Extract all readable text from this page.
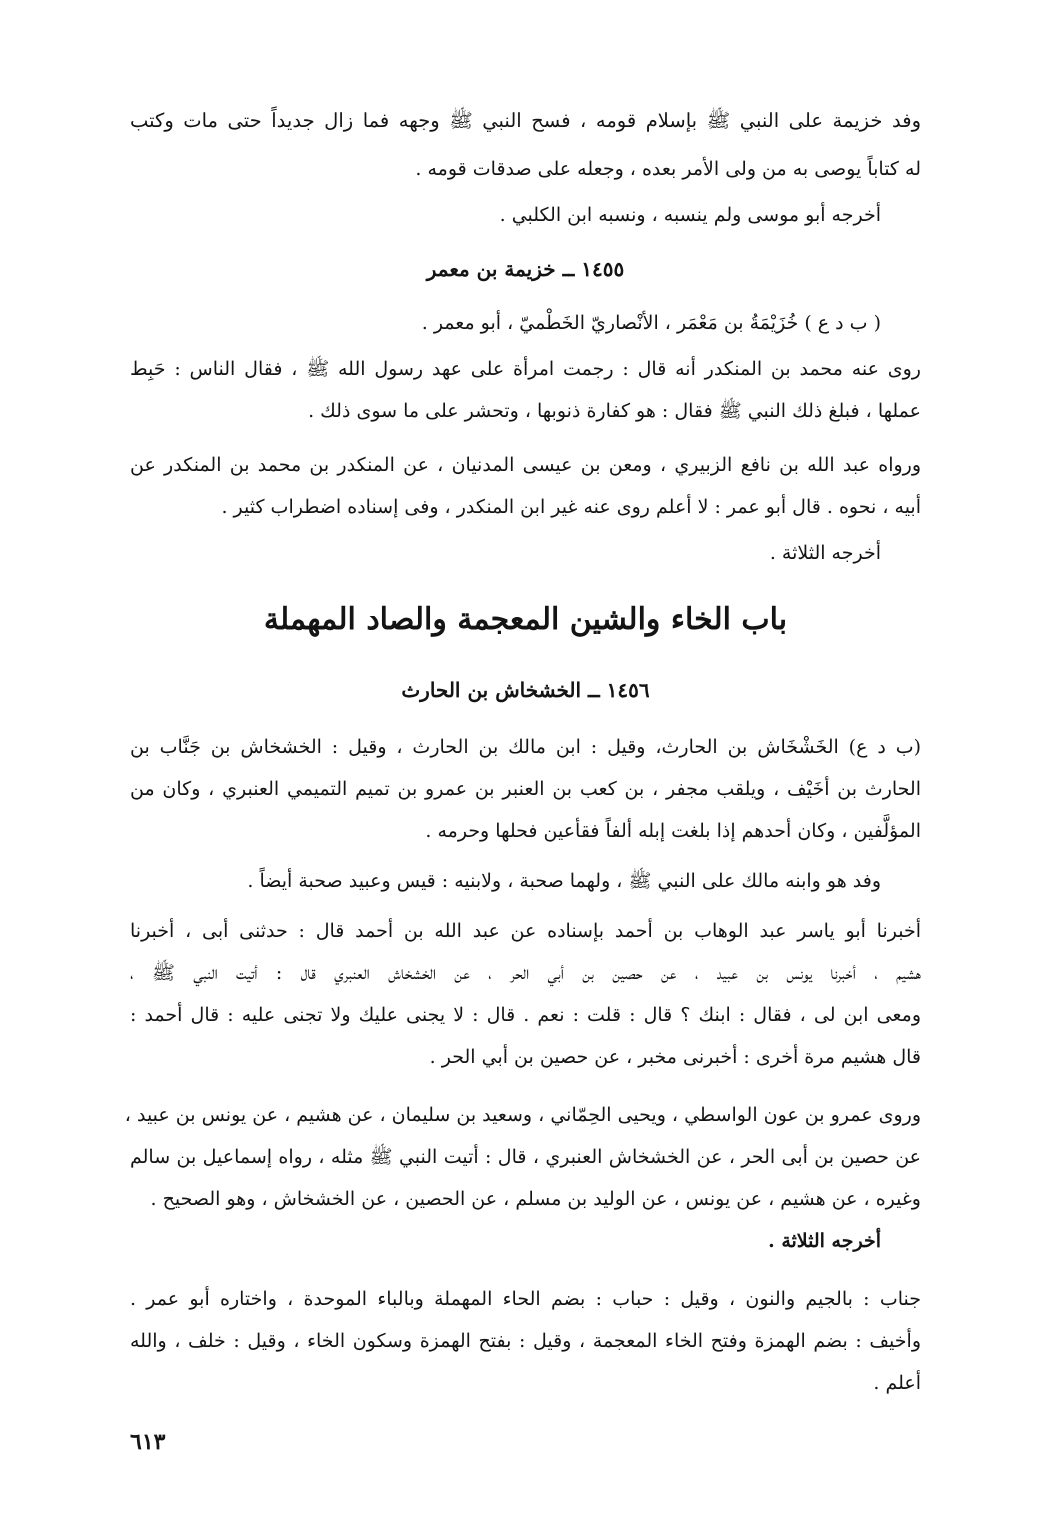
وفد خزيمة على النبي ﷺ بإسلام قومه ، فسح النبي ﷺ وجهه فما زال جديداً حتى مات وكتب
له كتاباً يوصى به من ولى الأمر بعده ، وجعله على صدقات قومه .
أخرجه أبو موسى ولم ينسبه ، ونسبه ابن الكلبي .
١٤٥٥ ــ خزيمة بن معمر
( ب د ع ) خُزَيْمَةُ بن مَعْمَر ، الأنْصاريّ الخَطْميّ ، أبو معمر .
روى عنه محمد بن المنكدر أنه قال : رجمت امرأة على عهد رسول الله ﷺ ، فقال الناس : حَبِط
عملها ، فبلغ ذلك النبي ﷺ فقال : هو كفارة ذنوبها ، وتحشر على ما سوى ذلك .
ورواه عبد الله بن نافع الزبيري ، ومعن بن عيسى المدنيان ، عن المنكدر بن محمد بن المنكدر عن
أبيه ، نحوه . قال أبو عمر : لا أعلم روى عنه غير ابن المنكدر ، وفى إسناده اضطراب كثير .
أخرجه الثلاثة .
باب الخاء والشين المعجمة والصاد المهملة
١٤٥٦ ــ الخشخاش بن الحارث
(ب د ع) الخَشْخَاش بن الحارث، وقيل : ابن مالك بن الحارث ، وقيل : الخشخاش بن جَنَّاب بن
الحارث بن أخَيْف ، ويلقب مجفر ، بن كعب بن العنبر بن عمرو بن تميم التميمي العنبري ، وكان من
المؤلَّفين ، وكان أحدهم إذا بلغت إبله ألفاً فقأعين فحلها وحرمه .
وفد هو وابنه مالك على النبي ﷺ ، ولهما صحبة ، ولابنيه : قيس وعبيد صحبة أيضاً .
أخبرنا أبو ياسر عبد الوهاب بن أحمد بإسناده عن عبد الله بن أحمد قال : حدثنى أبى ، أخبرنا
هشيم ، أخبرنا يونس بن عبيد ، عن حصين بن أبي الحر ، عن الخشخاش العنبري قال : أتيت النبي ﷺ ،
ومعى ابن لى ، فقال : ابنك ؟ قال : قلت : نعم . قال : لا يجنى عليك ولا تجنى عليه : قال أحمد :
قال هشيم مرة أخرى : أخبرنى مخبر ، عن حصين بن أبي الحر .
وروى عمرو بن عون الواسطي ، ويحيى الحِمّاني ، وسعيد بن سليمان ، عن هشيم ، عن يونس بن عبيد ،
عن حصين بن أبى الحر ، عن الخشخاش العنبري ، قال : أتيت النبي ﷺ مثله ، رواه إسماعيل بن سالم
وغيره ، عن هشيم ، عن يونس ، عن الوليد بن مسلم ، عن الحصين ، عن الخشخاش ، وهو الصحيح .
أخرجه الثلاثة .
جناب : بالجيم والنون ، وقيل : حباب : بضم الحاء المهملة وبالباء الموحدة ، واختاره أبو عمر .
وأخيف : بضم الهمزة وفتح الخاء المعجمة ، وقيل : بفتح الهمزة وسكون الخاء ، وقيل : خلف ، والله
أعلم .
٦١٣
